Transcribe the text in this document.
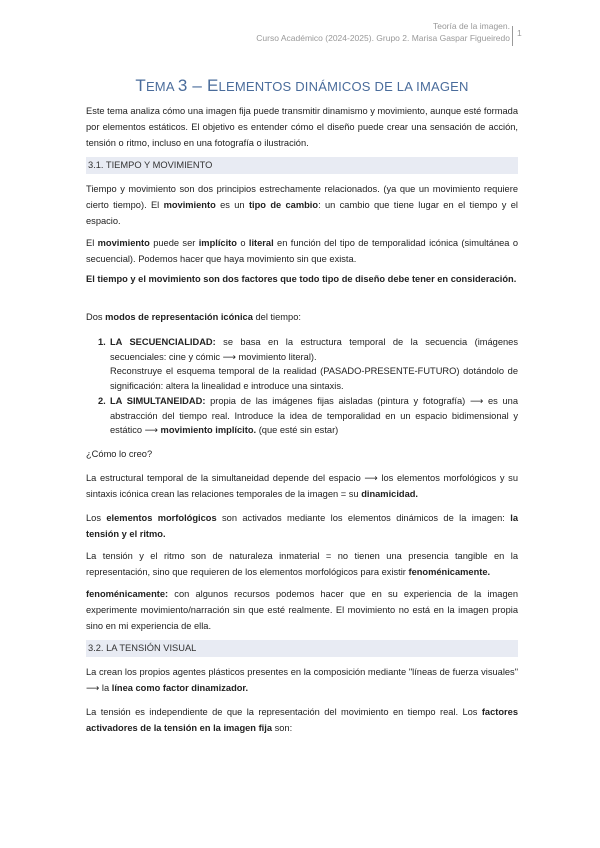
Teoría de la imagen.
Curso Académico (2024-2025). Grupo 2. Marisa Gaspar Figueiredo 1
TEMA 3 – ELEMENTOS DINÁMICOS DE LA IMAGEN

Este tema analiza cómo una imagen fija puede transmitir dinamismo y movimiento, aunque esté formada por elementos estáticos. El objetivo es entender cómo el diseño puede crear una sensación de acción, tensión o ritmo, incluso en una fotografía o ilustración.

3.1. TIEMPO Y MOVIMIENTO

Tiempo y movimiento son dos principios estrechamente relacionados. (ya que un movimiento requiere cierto tiempo). El movimiento es un tipo de cambio: un cambio que tiene lugar en el tiempo y el espacio.

El movimiento puede ser implícito o literal en función del tipo de temporalidad icónica (simultánea o secuencial). Podemos hacer que haya movimiento sin que exista.

El tiempo y el movimiento son dos factores que todo tipo de diseño debe tener en consideración.

Dos modos de representación icónica del tiempo:

1. LA SECUENCIALIDAD: se basa en la estructura temporal de la secuencia (imágenes secuenciales: cine y cómic ⟶ movimiento literal).
Reconstruye el esquema temporal de la realidad (PASADO-PRESENTE-FUTURO) dotándolo de significación: altera la linealidad e introduce una sintaxis.
2. LA SIMULTANEIDAD: propia de las imágenes fijas aisladas (pintura y fotografía) ⟶ es una abstracción del tiempo real. Introduce la idea de temporalidad en un espacio bidimensional y estático ⟶ movimiento implícito. (que esté sin estar)

¿Cómo lo creo?

La estructural temporal de la simultaneidad depende del espacio ⟶ los elementos morfológicos y su sintaxis icónica crean las relaciones temporales de la imagen = su dinamicidad.

Los elementos morfológicos son activados mediante los elementos dinámicos de la imagen: la tensión y el ritmo.

La tensión y el ritmo son de naturaleza inmaterial = no tienen una presencia tangible en la representación, sino que requieren de los elementos morfológicos para existir fenoménicamente.

fenoménicamente: con algunos recursos podemos hacer que en su experiencia de la imagen experimente movimiento/narración sin que esté realmente. El movimiento no está en la imagen propia sino en mi experiencia de ella.

3.2. LA TENSIÓN VISUAL

La crean los propios agentes plásticos presentes en la composición mediante "líneas de fuerza visuales" ⟶ la línea como factor dinamizador.

La tensión es independiente de que la representación del movimiento en tiempo real. Los factores activadores de la tensión en la imagen fija son:
